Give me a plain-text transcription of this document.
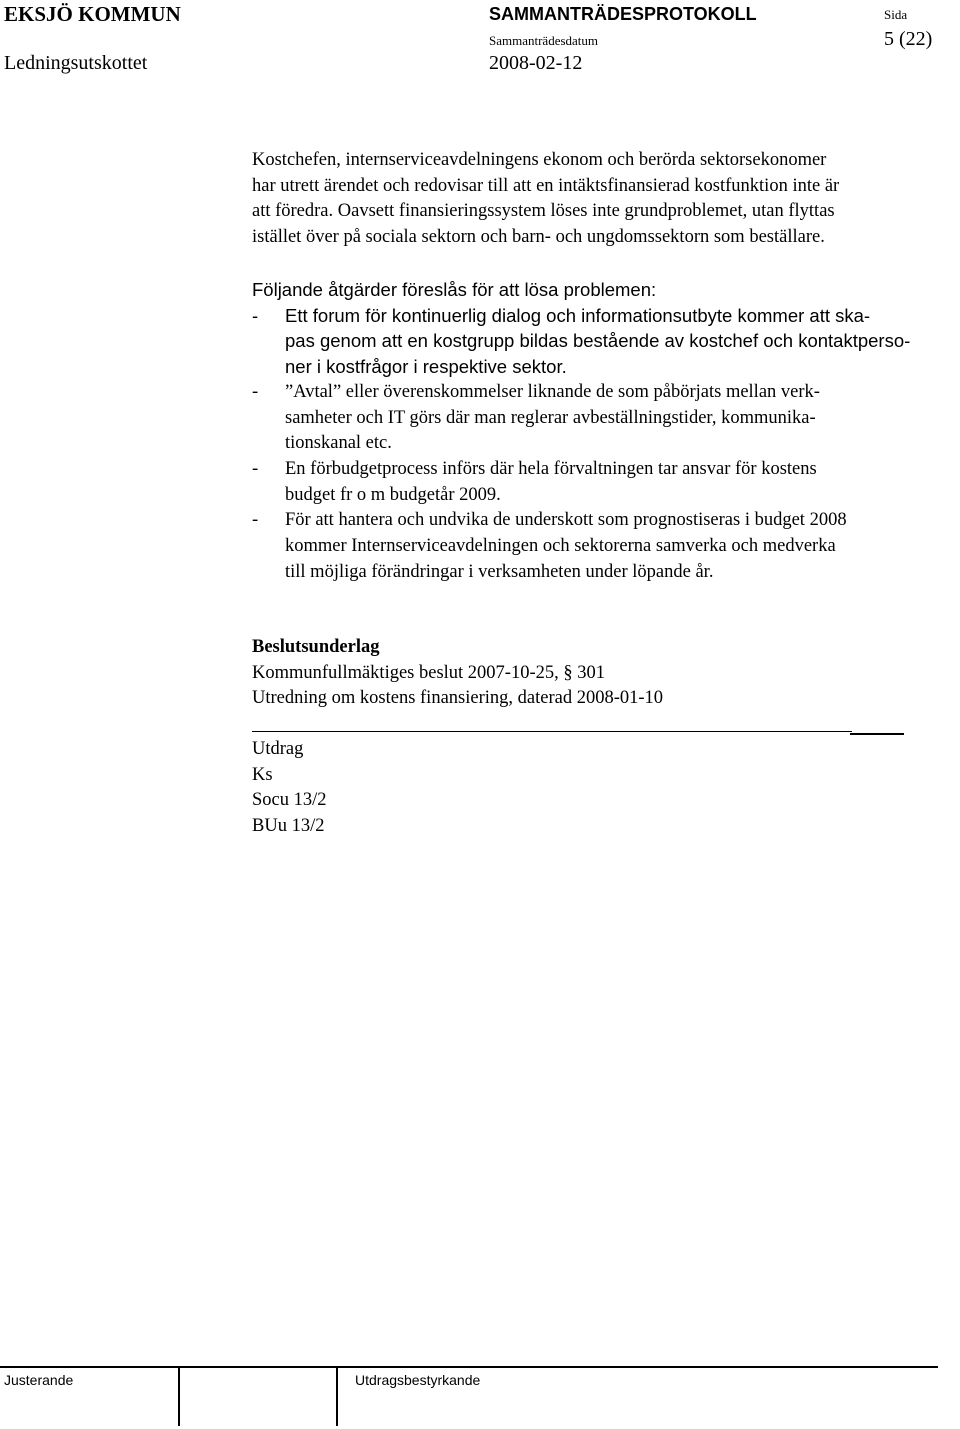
EKSJÖ KOMMUN	SAMMANTRÄDESPROTOKOLL	Sida
Ledningsutskottet
Sammanträdesdatum
2008-02-12
5 (22)
Kostchefen, internserviceavdelningens ekonom och berörda sektorsekonomer
har utrett ärendet och redovisar till att en intäktsfinansierad kostfunktion inte är
att föredra. Oavsett finansieringssystem löses inte grundproblemet, utan flyttas
istället över på sociala sektorn och barn- och ungdomssektorn som beställare.
Följande åtgärder föreslås för att lösa problemen:
- Ett forum för kontinuerlig dialog och informationsutbyte kommer att ska-
pas genom att en kostgrupp bildas bestående av kostchef och kontaktperso-
ner i kostfrågor i respektive sektor.
- ”Avtal” eller överenskommelser liknande de som påbörjats mellan verk-
samheter och IT görs där man reglerar avbeställningstider, kommunika-
tionskanal etc.
- En förbudgetprocess införs där hela förvaltningen tar ansvar för kostens
budget fr o m budgetår 2009.
- För att hantera och undvika de underskott som prognostiseras i budget 2008
kommer Internserviceavdelningen och sektorerna samverka och medverka
till möjliga förändringar i verksamheten under löpande år.
Beslutsunderlag
Kommunfullmäktiges beslut 2007-10-25, § 301
Utredning om kostens finansiering, daterad 2008-01-10
Utdrag
Ks
Socu 13/2
BUu 13/2
Justerande	Utdragsbestyrkande
